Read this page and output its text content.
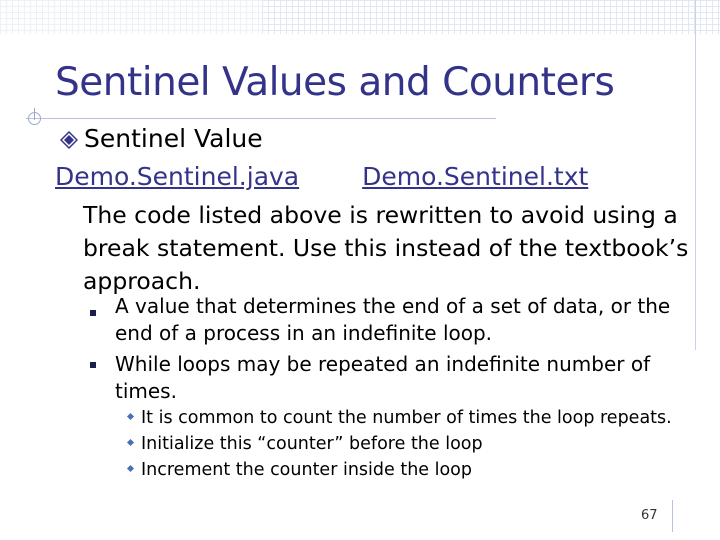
Sentinel Values and Counters
Sentinel Value
Demo.Sentinel.java	Demo.Sentinel.txt
The code listed above is rewritten to avoid using a break statement. Use this instead of the textbook’s approach.
A value that determines the end of a set of data, or the end of a process in an indefinite loop.
While loops may be repeated an indefinite number of times.
It is common to count the number of times the loop repeats.
Initialize this “counter” before the loop
Increment the counter inside the loop
67
